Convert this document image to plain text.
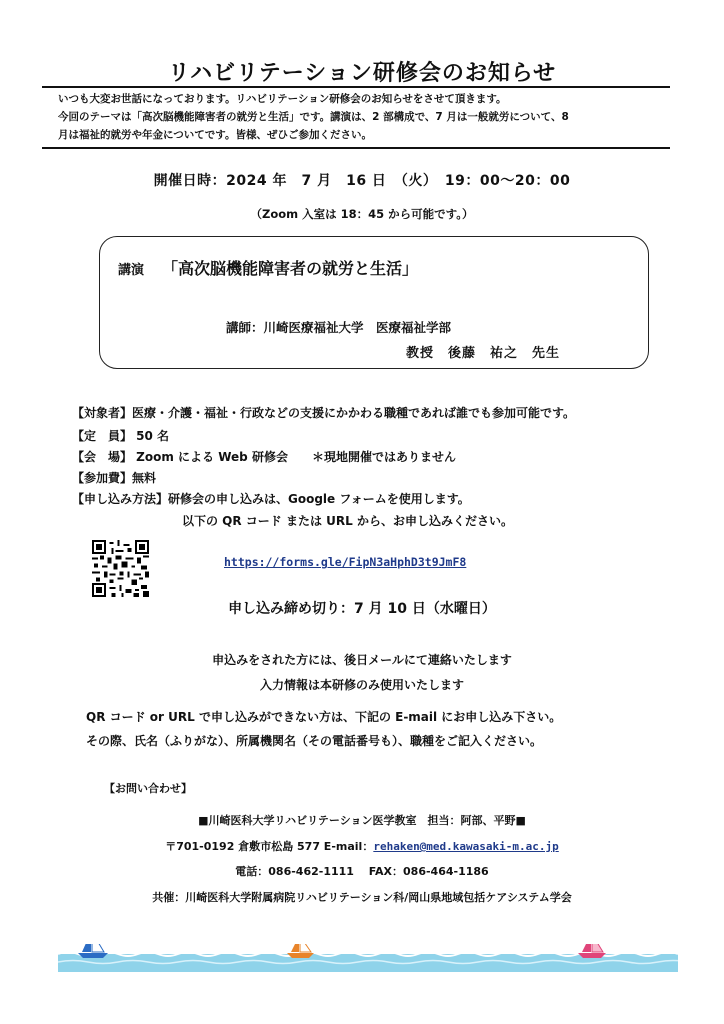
リハビリテーション研修会のお知らせ
いつも大変お世話になっております。リハビリテーション研修会のお知らせをさせて頂きます。
今回のテーマは「高次脳機能障害者の就労と生活」です。講演は、2 部構成で、7 月は一般就労について、8
月は福祉的就労や年金についてです。皆様、ぜひご参加ください。
開催日時：2024 年　7 月　16 日　（火）　19：00〜20：00
（Zoom 入室は 18：45 から可能です。）
講演 「高次脳機能障害者の就労と生活」
講師：川崎医療福祉大学　医療福祉学部
教授　後藤　祐之　先生
【対象者】医療・介護・福祉・行政などの支援にかかわる職種であれば誰でも参加可能です。
【定　員】 50 名
【会　場】 Zoom による Web 研修会　　＊現地開催ではありません
【参加費】無料
【申し込み方法】研修会の申し込みは、Google フォームを使用します。
以下の QR コード または URL から、お申し込みください。
https://forms.gle/FipN3aHphD3t9JmF8
申し込み締め切り：7 月 10 日（水曜日）
申込みをされた方には、後日メールにて連絡いたします
入力情報は本研修のみ使用いたします
QR コード or URL で申し込みができない方は、下記の E-mail にお申し込み下さい。
その際、氏名（ふりがな）、所属機関名（その電話番号も）、職種をご記入ください。
【お問い合わせ】
■川崎医科大学リハビリテーション医学教室　担当：阿部、平野■
〒701-0192 倉敷市松島 577 E-mail：rehaken@med.kawasaki-m.ac.jp
電話：086-462-1111　 FAX：086-464-1186
共催：川崎医科大学附属病院リハビリテーション科/岡山県地域包括ケアシステム学会
